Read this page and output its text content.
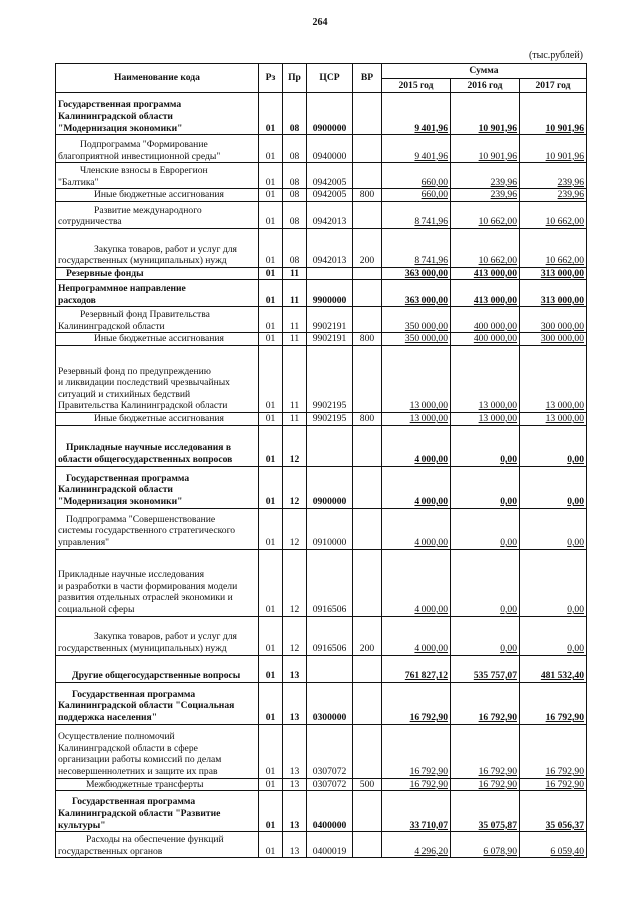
264
(тыс.рублей)
Наименование кода	Рз	Пр	ЦСР	ВР	Сумма		
					2015 год	2016 год	2017 год

Государственная программа
Калининградской области
"Модернизация экономики"	01	08	0900000		9 401,96	10 901,96	10 901,96

Подпрограмма "Формирование
благоприятной инвестиционной среды"	01	08	0940000		9 401,96	10 901,96	10 901,96

Членские взносы в Еврорегион
"Балтика"	01	08	0942005		660,00	239,96	239,96

Иные бюджетные ассигнования	01	08	0942005	800	660,00	239,96	239,96

Развитие международного
сотрудничества	01	08	0942013		8 741,96	10 662,00	10 662,00

Закупка товаров, работ и услуг для
государственных (муниципальных) нужд	01	08	0942013	200	8 741,96	10 662,00	10 662,00

Резервные фонды	01	11			363 000,00	413 000,00	313 000,00

Непрограммное направление
расходов	01	11	9900000		363 000,00	413 000,00	313 000,00

Резервный фонд Правительства
Калининградской области	01	11	9902191		350 000,00	400 000,00	300 000,00

Иные бюджетные ассигнования	01	11	9902191	800	350 000,00	400 000,00	300 000,00

Резервный фонд по предупреждению
и ликвидации последствий чрезвычайных
ситуаций и стихийных бедствий
Правительства Калининградской области	01	11	9902195		13 000,00	13 000,00	13 000,00

Иные бюджетные ассигнования	01	11	9902195	800	13 000,00	13 000,00	13 000,00

Прикладные научные исследования в
области общегосударственных вопросов	01	12			4 000,00	0,00	0,00

Государственная программа
Калининградской области
"Модернизация экономики"	01	12	0900000		4 000,00	0,00	0,00

Подпрограмма "Совершенствование
системы государственного стратегического
управления"	01	12	0910000		4 000,00	0,00	0,00

Прикладные научные исследования
и разработки в части формирования модели
развития отдельных отраслей экономики и
социальной сферы	01	12	0916506		4 000,00	0,00	0,00

Закупка товаров, работ и услуг для
государственных (муниципальных) нужд	01	12	0916506	200	4 000,00	0,00	0,00

Другие общегосударственные вопросы	01	13			761 827,12	535 757,07	481 532,40

Государственная программа
Калининградской области "Социальная
поддержка населения"	01	13	0300000		16 792,90	16 792,90	16 792,90

Осуществление полномочий
Калининградской области в сфере
организации работы комиссий по делам
несовершеннолетних и защите их прав	01	13	0307072		16 792,90	16 792,90	16 792,90

Межбюджетные трансферты	01	13	0307072	500	16 792,90	16 792,90	16 792,90

Государственная программа
Калининградской области "Развитие
культуры"	01	13	0400000		33 710,07	35 075,87	35 056,37

Расходы на обеспечение функций
государственных органов	01	13	0400019		4 296,20	6 078,90	6 059,40
